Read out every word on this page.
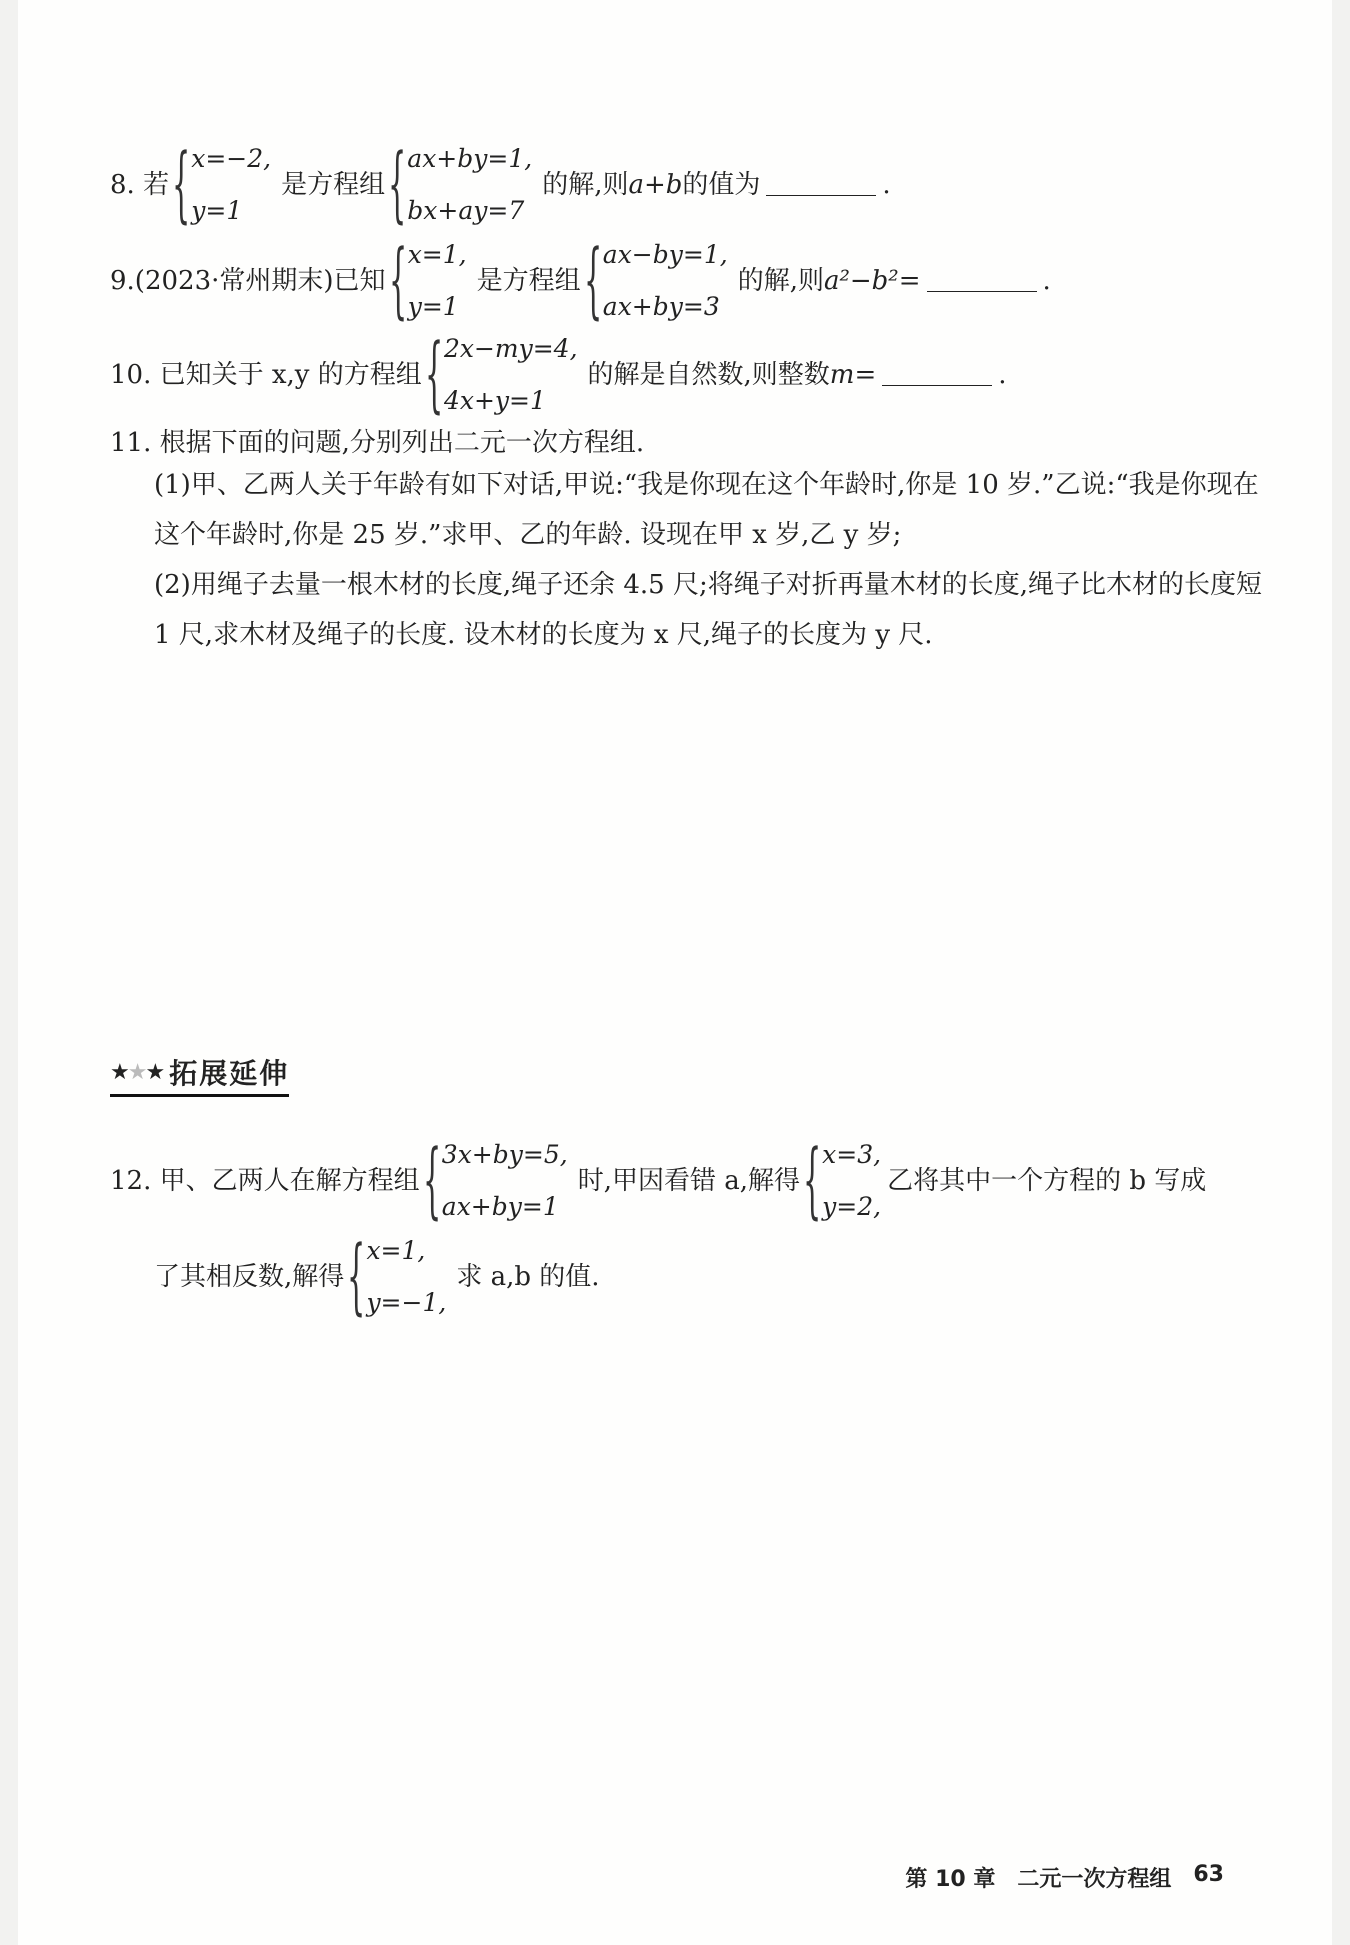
8. 若 { x=−2,
y=1
是方程组 { ax+by=1,
bx+ay=7
的解,则 a+b 的值为	.
9.(2023·常州期末)已知 { x=1,
y=1
是方程组 { ax−by=1,
ax+by=3
的解,则 a²−b²=	.
10. 已知关于 x,y 的方程组 { 2x−my=4,
4x+y=1
的解是自然数,则整数 m=	.
11. 根据下面的问题,分别列出二元一次方程组.
(1)甲、乙两人关于年龄有如下对话,甲说:“我是你现在这个年龄时,你是 10 岁.”乙说:“我是你现在这个年龄时,你是 25 岁.”求甲、乙的年龄. 设现在甲 x 岁,乙 y 岁;
(2)用绳子去量一根木材的长度,绳子还余 4.5 尺;将绳子对折再量木材的长度,绳子比木材的长度短 1 尺,求木材及绳子的长度. 设木材的长度为 x 尺,绳子的长度为 y 尺.
★
★
★ 拓展延伸
12. 甲、乙两人在解方程组 { 3x+by=5,
ax+by=1
时,甲因看错 a,解得 { x=3,
y=2,
乙将其中一个方程的 b 写成
了其相反数,解得 { x=1,
y=−1,
求 a,b 的值.
第 10 章 二元一次方程组 63
